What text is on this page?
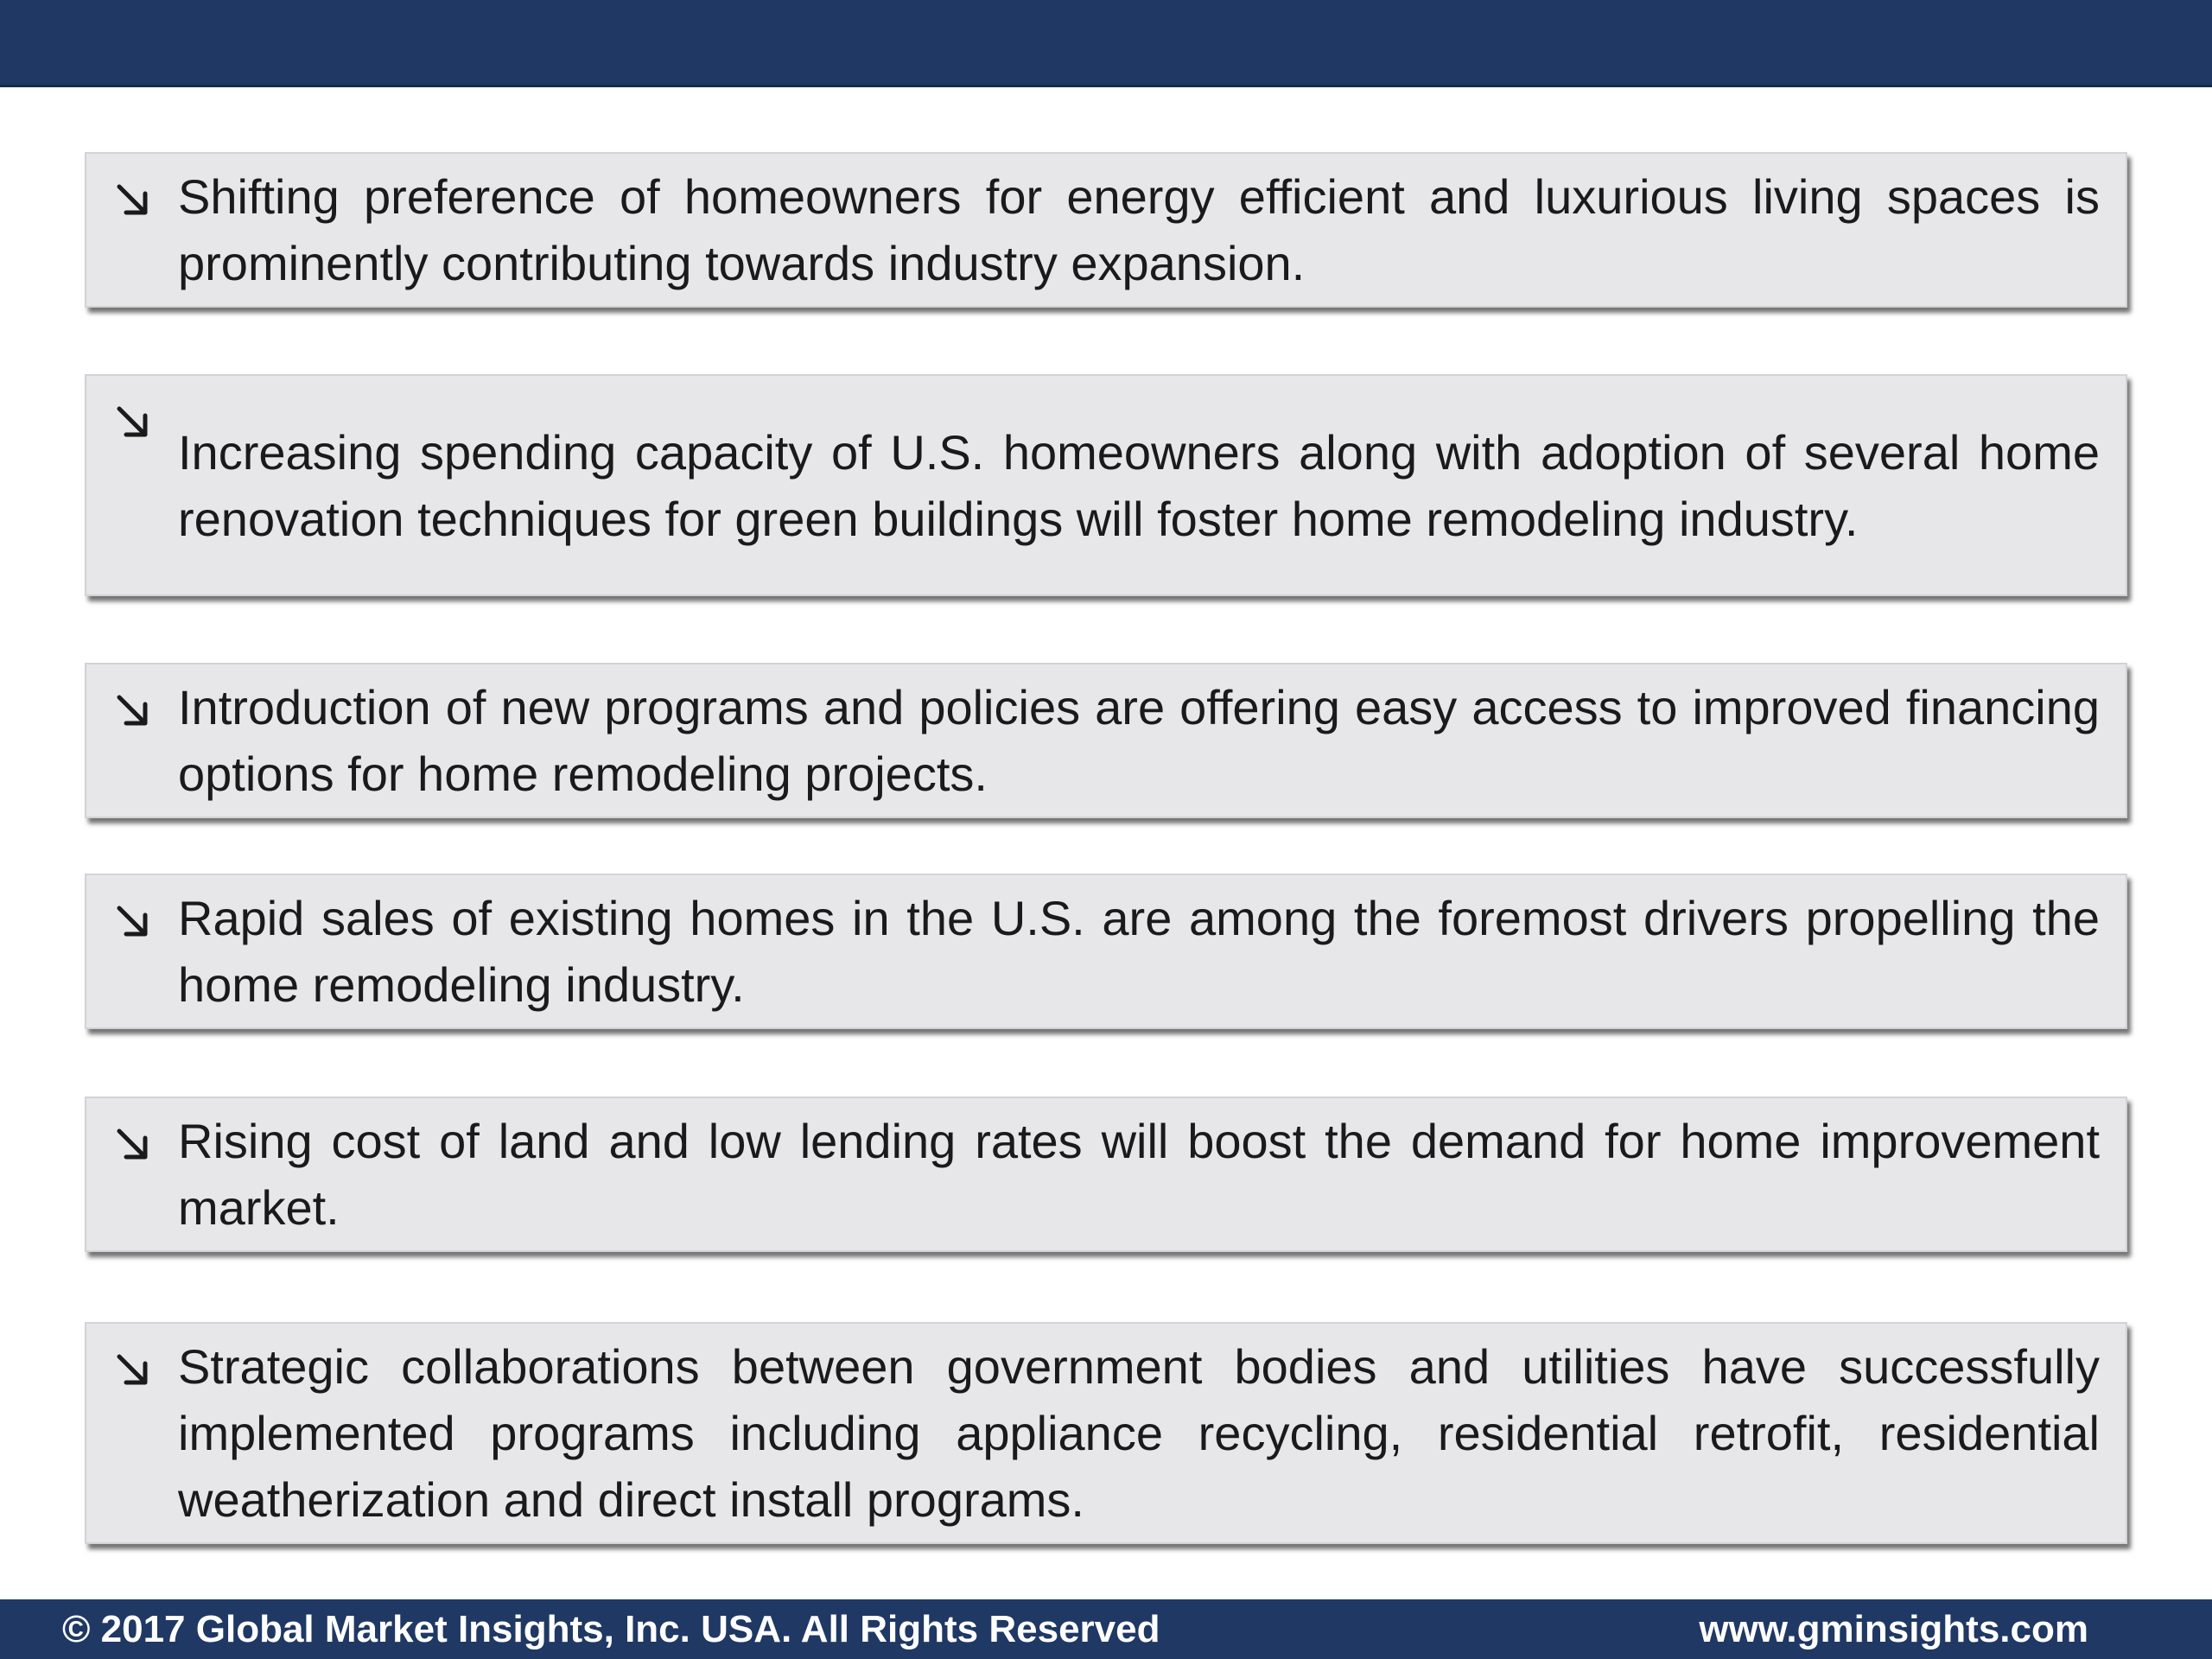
Shifting preference of homeowners for energy efficient and luxurious living spaces is prominently contributing towards industry expansion.
Increasing spending capacity of U.S. homeowners along with adoption of several home renovation techniques for green buildings will foster home remodeling industry.
Introduction of new programs and policies are offering easy access to improved financing options for home remodeling projects.
Rapid sales of existing homes in the U.S. are among the foremost drivers propelling the home remodeling industry.
Rising cost of land and low lending rates will boost the demand for home improvement market.
Strategic collaborations between government bodies and utilities have successfully implemented programs including appliance recycling, residential retrofit, residential weatherization and direct install programs.
© 2017 Global Market Insights, Inc. USA. All Rights Reserved	www.gminsights.com
